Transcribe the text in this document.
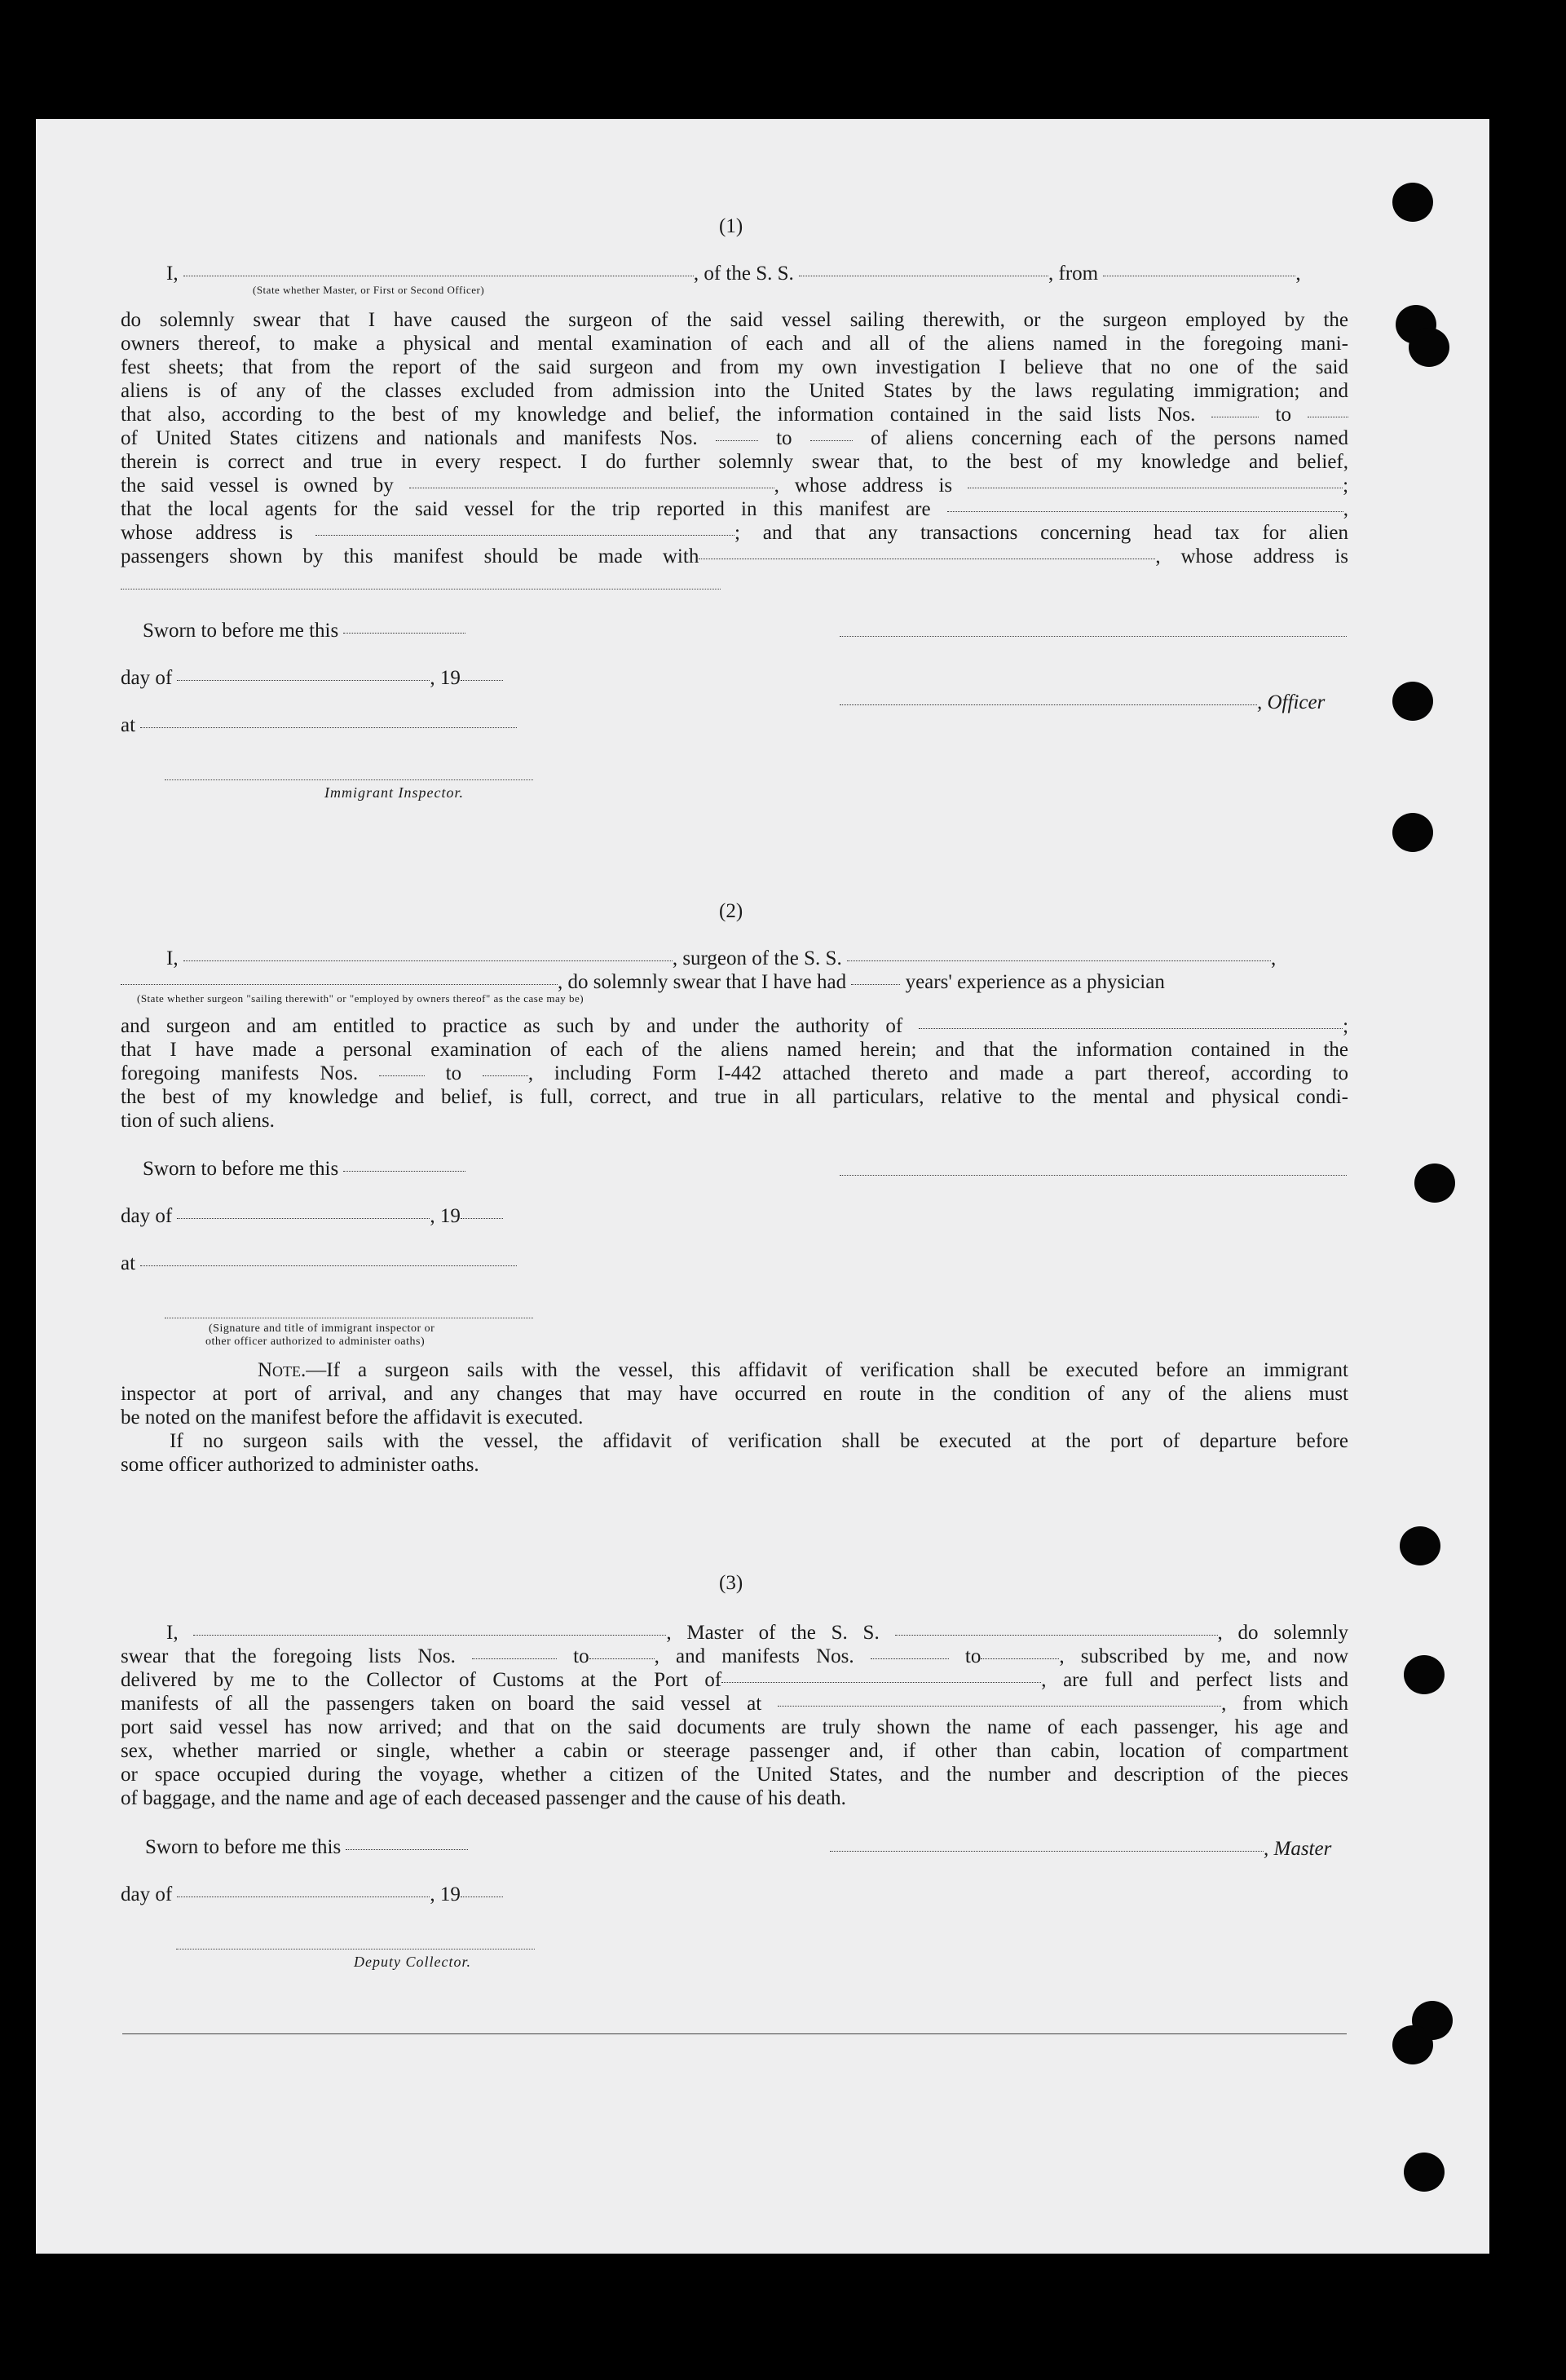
(1)
I,	, of the S. S.	, from	,
(State whether Master, or First or Second Officer)
do solemnly swear that I have caused the surgeon of the said vessel sailing therewith, or the surgeon employed by the
owners thereof, to make a physical and mental examination of each and all of the aliens named in the foregoing mani-
fest sheets; that from the report of the said surgeon and from my own investigation I believe that no one of the said
aliens is of any of the classes excluded from admission into the United States by the laws regulating immigration; and
that also, according to the best of my knowledge and belief, the information contained in the said lists Nos.	to
of United States citizens and nationals and manifests Nos.	to	of aliens concerning each of the persons named
therein is correct and true in every respect. I do further solemnly swear that, to the best of my knowledge and belief,
the said vessel is owned by	, whose address is	;
that the local agents for the said vessel for the trip reported in this manifest are	,
whose address is	; and that any transactions concerning head tax for alien
passengers shown by this manifest should be made with	, whose address is
Sworn to before me this
day of	, 19
at
Immigrant Inspector.
, Officer
(2)
I,	, surgeon of the S. S.	,
, do solemnly swear that I have had	years' experience as a physician
(State whether surgeon "sailing therewith" or "employed by owners thereof" as the case may be)
and surgeon and am entitled to practice as such by and under the authority of	;
that I have made a personal examination of each of the aliens named herein; and that the information contained in the
foregoing manifests Nos.	to	, including Form I-442 attached thereto and made a part thereof, according to
the best of my knowledge and belief, is full, correct, and true in all particulars, relative to the mental and physical condi-
tion of such aliens.
Sworn to before me this
day of	, 19
at
(Signature and title of immigrant inspector or
other officer authorized to administer oaths)
Note.—If a surgeon sails with the vessel, this affidavit of verification shall be executed before an immigrant
inspector at port of arrival, and any changes that may have occurred en route in the condition of any of the aliens must
be noted on the manifest before the affidavit is executed.
If no surgeon sails with the vessel, the affidavit of verification shall be executed at the port of departure before
some officer authorized to administer oaths.
(3)
I,	, Master of the S. S.	, do solemnly
swear that the foregoing lists Nos.	to	, and manifests Nos.	to	, subscribed by me, and now
delivered by me to the Collector of Customs at the Port of	, are full and perfect lists and
manifests of all the passengers taken on board the said vessel at	, from which
port said vessel has now arrived; and that on the said documents are truly shown the name of each passenger, his age and
sex, whether married or single, whether a cabin or steerage passenger and, if other than cabin, location of compartment
or space occupied during the voyage, whether a citizen of the United States, and the number and description of the pieces
of baggage, and the name and age of each deceased passenger and the cause of his death.
Sworn to before me this
day of	, 19
Deputy Collector.
, Master
